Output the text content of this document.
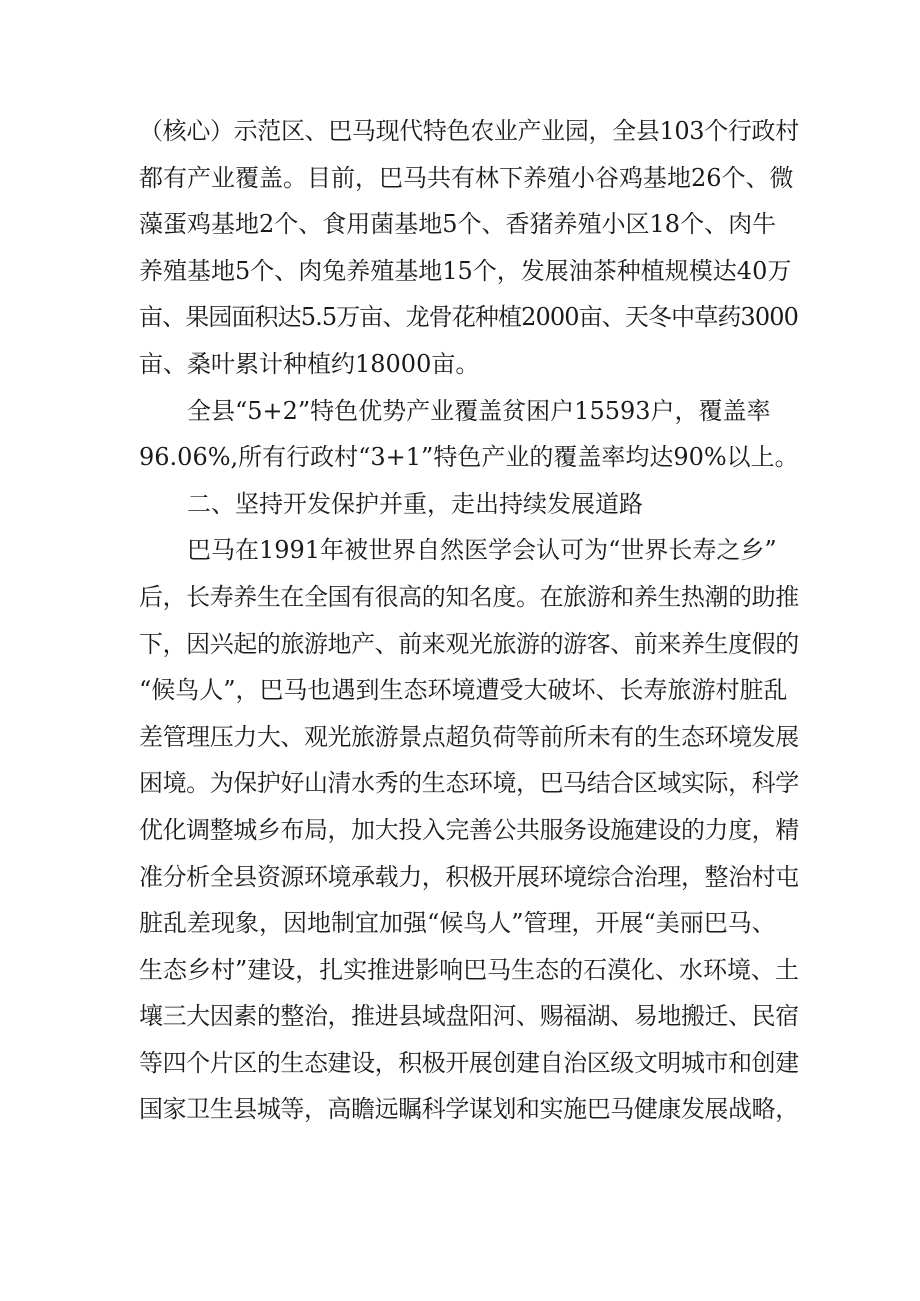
（核心）示范区、巴马现代特色农业产业园，全县103个行政村
都有产业覆盖。目前，巴马共有林下养殖小谷鸡基地26个、微
藻蛋鸡基地2个、食用菌基地5个、香猪养殖小区18个、肉牛
养殖基地5个、肉兔养殖基地15个，发展油茶种植规模达40万
亩、果园面积达5.5万亩、龙骨花种植2000亩、天冬中草药3000
亩、桑叶累计种植约18000亩。

全县“5+2”特色优势产业覆盖贫困户15593户，覆盖率
96.06%,所有行政村“3+1”特色产业的覆盖率均达90%以上。

二、坚持开发保护并重，走出持续发展道路

巴马在1991年被世界自然医学会认可为“世界长寿之乡”
后，长寿养生在全国有很高的知名度。在旅游和养生热潮的助推
下，因兴起的旅游地产、前来观光旅游的游客、前来养生度假的
“候鸟人”，巴马也遇到生态环境遭受大破坏、长寿旅游村脏乱
差管理压力大、观光旅游景点超负荷等前所未有的生态环境发展
困境。为保护好山清水秀的生态环境，巴马结合区域实际，科学
优化调整城乡布局，加大投入完善公共服务设施建设的力度，精
准分析全县资源环境承载力，积极开展环境综合治理，整治村屯
脏乱差现象，因地制宜加强“候鸟人”管理，开展“美丽巴马、
生态乡村”建设，扎实推进影响巴马生态的石漠化、水环境、土
壤三大因素的整治，推进县域盘阳河、赐福湖、易地搬迁、民宿
等四个片区的生态建设，积极开展创建自治区级文明城市和创建
国家卫生县城等，高瞻远瞩科学谋划和实施巴马健康发展战略，
